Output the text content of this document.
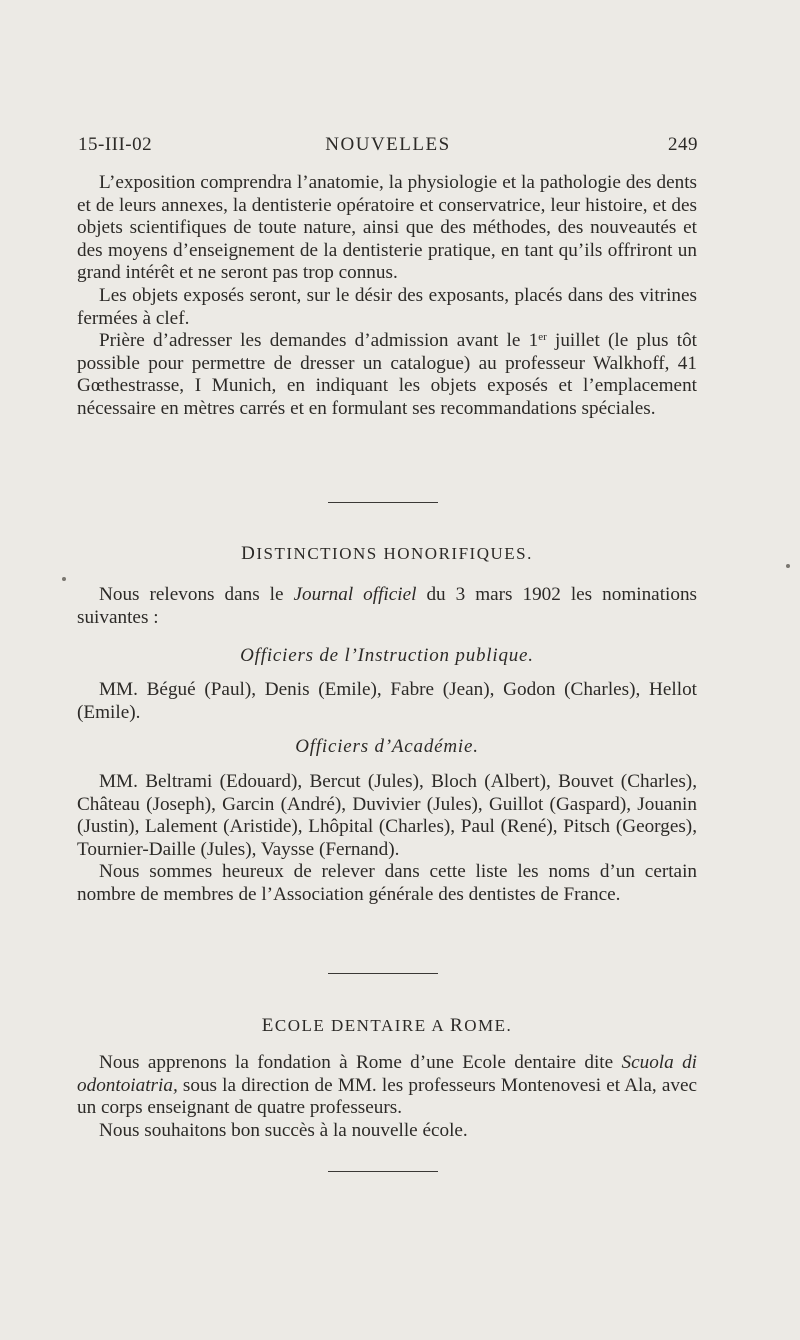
15-III-02	NOUVELLES	249

L’exposition comprendra l’anatomie, la physiologie et la pathologie des dents et de leurs annexes, la dentisterie opératoire et conservatrice, leur histoire, et des objets scientifiques de toute nature, ainsi que des méthodes, des nouveautés et des moyens d’enseignement de la dentisterie pratique, en tant qu’ils offriront un grand intérêt et ne seront pas trop connus.

Les objets exposés seront, sur le désir des exposants, placés dans des vitrines fermées à clef.

Prière d’adresser les demandes d’admission avant le 1er juillet (le plus tôt possible pour permettre de dresser un catalogue) au professeur Walkhoff, 41 Gœthestrasse, I Munich, en indiquant les objets exposés et l’emplacement nécessaire en mètres carrés et en formulant ses recommandations spéciales.

DISTINCTIONS HONORIFIQUES.

Nous relevons dans le Journal officiel du 3 mars 1902 les nominations suivantes :

Officiers de l’Instruction publique.

MM. Bégué (Paul), Denis (Emile), Fabre (Jean), Godon (Charles), Hellot (Emile).

Officiers d’Académie.

MM. Beltrami (Edouard), Bercut (Jules), Bloch (Albert), Bouvet (Charles), Château (Joseph), Garcin (André), Duvivier (Jules), Guillot (Gaspard), Jouanin (Justin), Lalement (Aristide), Lhôpital (Charles), Paul (René), Pitsch (Georges), Tournier-Daille (Jules), Vaysse (Fernand).

Nous sommes heureux de relever dans cette liste les noms d’un certain nombre de membres de l’Association générale des dentistes de France.

ECOLE DENTAIRE A ROME.

Nous apprenons la fondation à Rome d’une Ecole dentaire dite Scuola di odontoiatria, sous la direction de MM. les professeurs Montenovesi et Ala, avec un corps enseignant de quatre professeurs.

Nous souhaitons bon succès à la nouvelle école.
